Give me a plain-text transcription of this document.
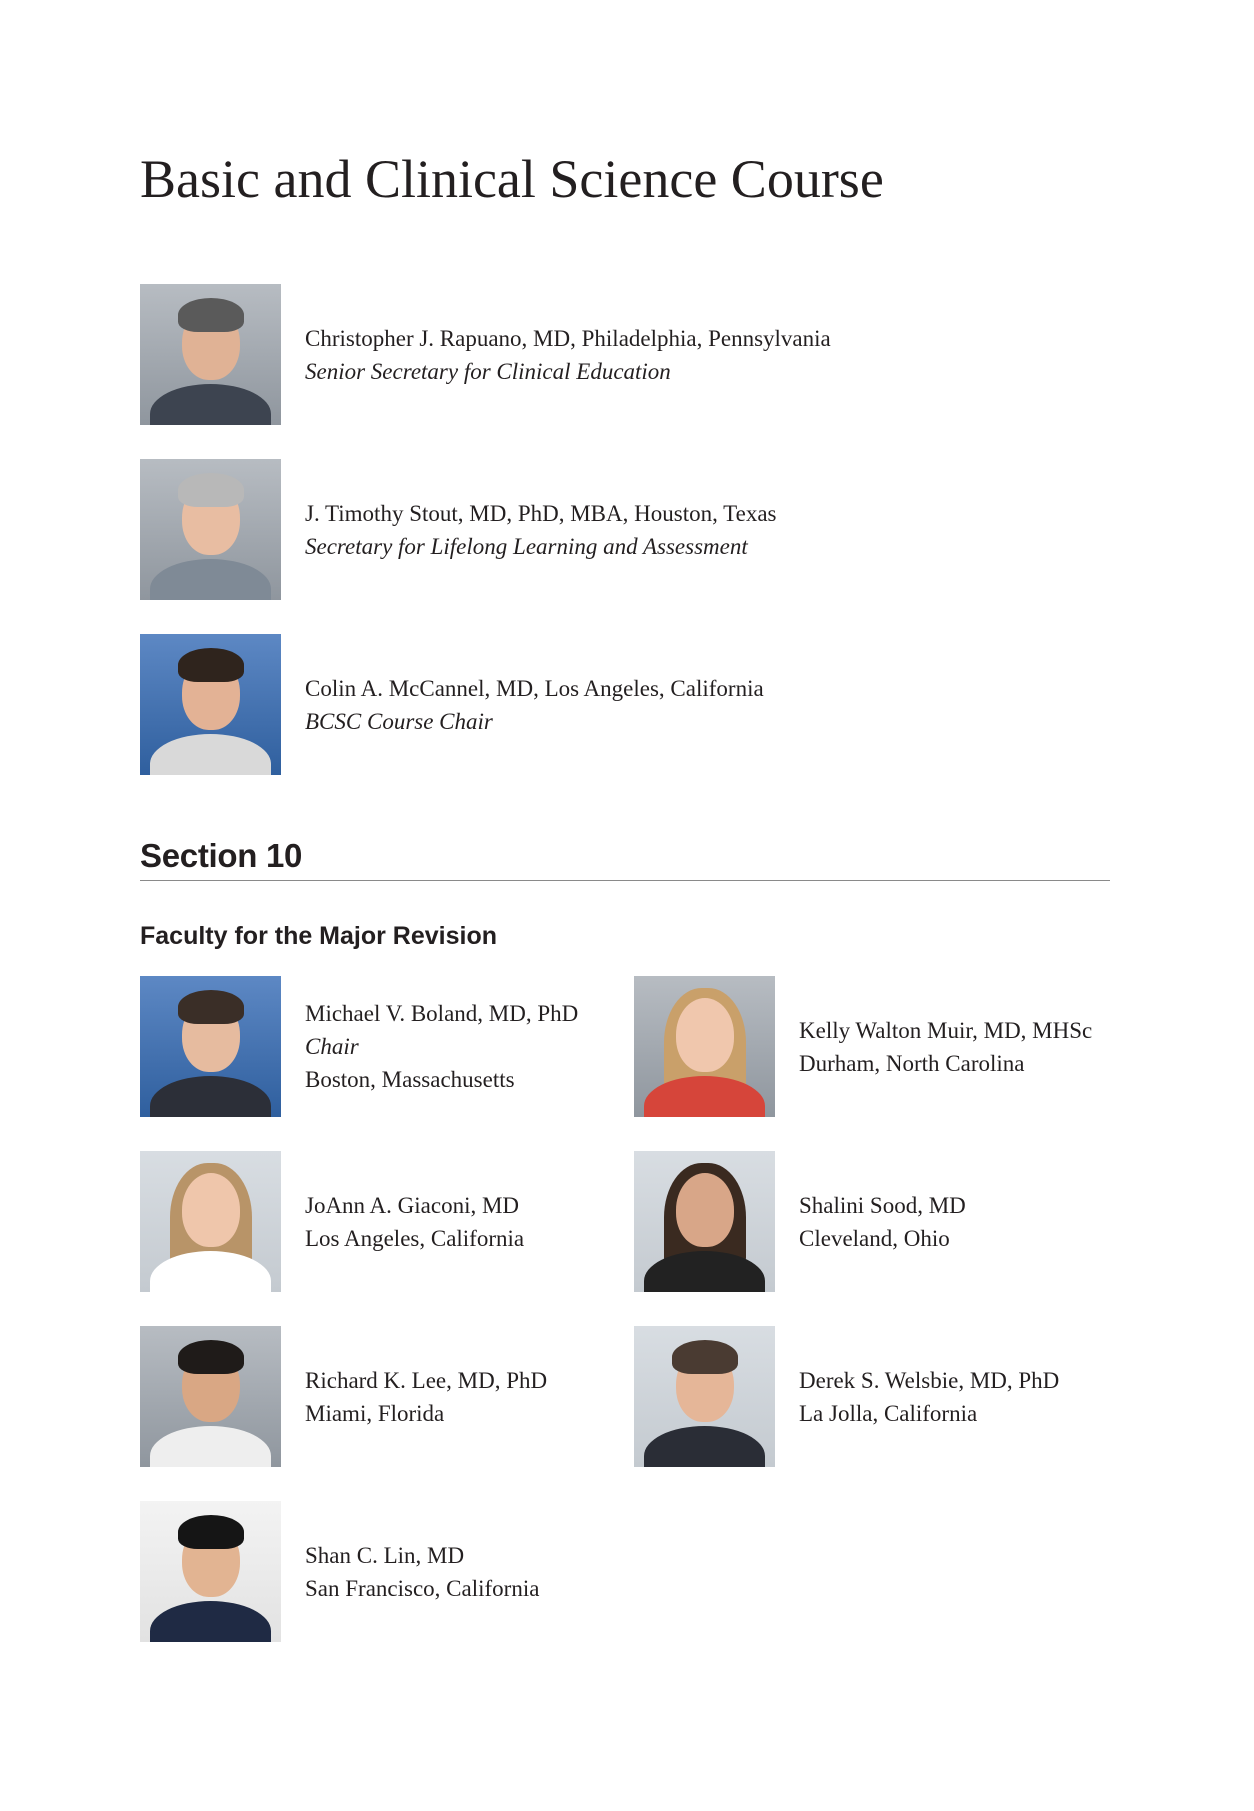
Basic and Clinical Science Course
Christopher J. Rapuano, MD, Philadelphia, Pennsylvania
Senior Secretary for Clinical Education
J. Timothy Stout, MD, PhD, MBA, Houston, Texas
Secretary for Lifelong Learning and Assessment
Colin A. McCannel, MD, Los Angeles, California
BCSC Course Chair
Section 10
Faculty for the Major Revision
Michael V. Boland, MD, PhD
Chair
Boston, Massachusetts
JoAnn A. Giaconi, MD
Los Angeles, California
Richard K. Lee, MD, PhD
Miami, Florida
Shan C. Lin, MD
San Francisco, California
Kelly Walton Muir, MD, MHSc
Durham, North Carolina
Shalini Sood, MD
Cleveland, Ohio
Derek S. Welsbie, MD, PhD
La Jolla, California
